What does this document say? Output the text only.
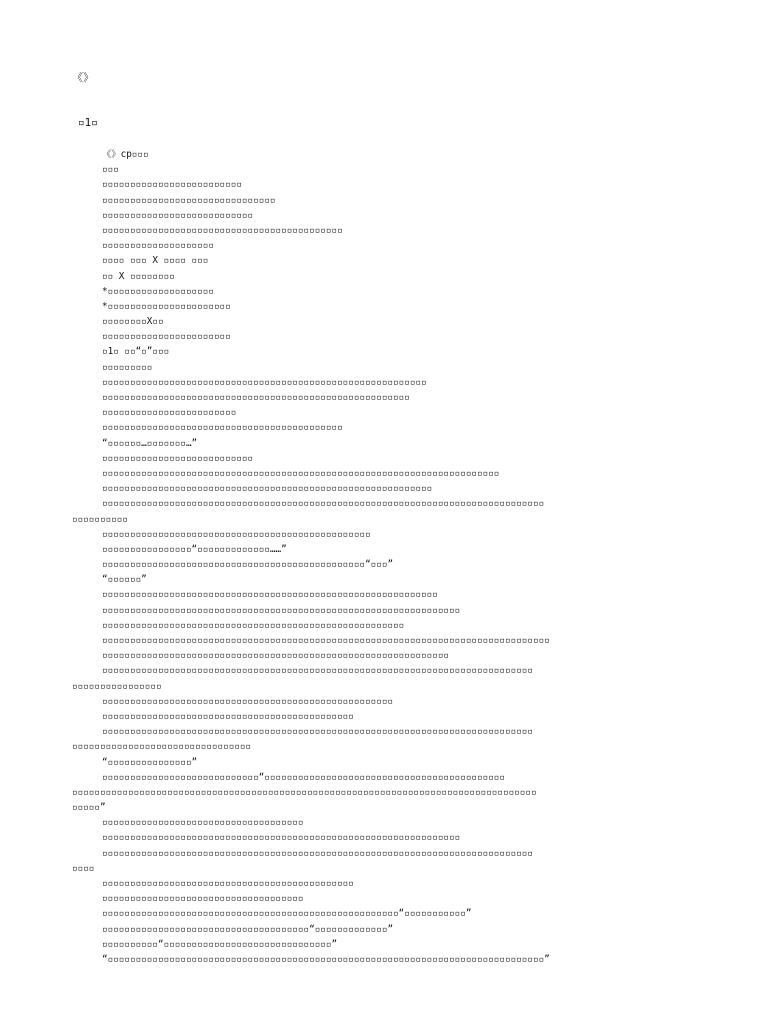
《》
▫1▫
《》cp▫▫▫
▫▫▫
▫▫▫▫▫▫▫▫▫▫▫▫▫▫▫▫▫▫▫▫▫▫▫▫▫
▫▫▫▫▫▫▫▫▫▫▫▫▫▫▫▫▫▫▫▫▫▫▫▫▫▫▫▫▫▫▫
▫▫▫▫▫▫▫▫▫▫▫▫▫▫▫▫▫▫▫▫▫▫▫▫▫▫▫
▫▫▫▫▫▫▫▫▫▫▫▫▫▫▫▫▫▫▫▫▫▫▫▫▫▫▫▫▫▫▫▫▫▫▫▫▫▫▫▫▫▫▫
▫▫▫▫▫▫▫▫▫▫▫▫▫▫▫▫▫▫▫▫
▫▫▫▫ ▫▫▫ X ▫▫▫▫ ▫▫▫
▫▫ X ▫▫▫▫▫▫▫▫
*▫▫▫▫▫▫▫▫▫▫▫▫▫▫▫▫▫▫▫
*▫▫▫▫▫▫▫▫▫▫▫▫▫▫▫▫▫▫▫▫▫▫
▫▫▫▫▫▫▫▫X▫▫
▫▫▫▫▫▫▫▫▫▫▫▫▫▫▫▫▫▫▫▫▫▫▫
▫1▫ ▫▫“▫”▫▫▫
▫▫▫▫▫▫▫▫▫
▫▫▫▫▫▫▫▫▫▫▫▫▫▫▫▫▫▫▫▫▫▫▫▫▫▫▫▫▫▫▫▫▫▫▫▫▫▫▫▫▫▫▫▫▫▫▫▫▫▫▫▫▫▫▫▫▫▫
▫▫▫▫▫▫▫▫▫▫▫▫▫▫▫▫▫▫▫▫▫▫▫▫▫▫▫▫▫▫▫▫▫▫▫▫▫▫▫▫▫▫▫▫▫▫▫▫▫▫▫▫▫▫▫
▫▫▫▫▫▫▫▫▫▫▫▫▫▫▫▫▫▫▫▫▫▫▫▫
▫▫▫▫▫▫▫▫▫▫▫▫▫▫▫▫▫▫▫▫▫▫▫▫▫▫▫▫▫▫▫▫▫▫▫▫▫▫▫▫▫▫▫
“▫▫▫▫▫▫…▫▫▫▫▫▫▫…”
▫▫▫▫▫▫▫▫▫▫▫▫▫▫▫▫▫▫▫▫▫▫▫▫▫▫▫
▫▫▫▫▫▫▫▫▫▫▫▫▫▫▫▫▫▫▫▫▫▫▫▫▫▫▫▫▫▫▫▫▫▫▫▫▫▫▫▫▫▫▫▫▫▫▫▫▫▫▫▫▫▫▫▫▫▫▫▫▫▫▫▫▫▫▫▫▫▫▫
▫▫▫▫▫▫▫▫▫▫▫▫▫▫▫▫▫▫▫▫▫▫▫▫▫▫▫▫▫▫▫▫▫▫▫▫▫▫▫▫▫▫▫▫▫▫▫▫▫▫▫▫▫▫▫▫▫▫▫
▫▫▫▫▫▫▫▫▫▫▫▫▫▫▫▫▫▫▫▫▫▫▫▫▫▫▫▫▫▫▫▫▫▫▫▫▫▫▫▫▫▫▫▫▫▫▫▫▫▫▫▫▫▫▫▫▫▫▫▫▫▫▫▫▫▫▫▫▫▫▫▫▫▫▫▫▫▫▫
▫▫▫▫▫▫▫▫▫▫
▫▫▫▫▫▫▫▫▫▫▫▫▫▫▫▫▫▫▫▫▫▫▫▫▫▫▫▫▫▫▫▫▫▫▫▫▫▫▫▫▫▫▫▫▫▫▫▫
▫▫▫▫▫▫▫▫▫▫▫▫▫▫▫▫“▫▫▫▫▫▫▫▫▫▫▫▫▫……”
▫▫▫▫▫▫▫▫▫▫▫▫▫▫▫▫▫▫▫▫▫▫▫▫▫▫▫▫▫▫▫▫▫▫▫▫▫▫▫▫▫▫▫▫▫▫▫“▫▫▫”
“▫▫▫▫▫▫”
▫▫▫▫▫▫▫▫▫▫▫▫▫▫▫▫▫▫▫▫▫▫▫▫▫▫▫▫▫▫▫▫▫▫▫▫▫▫▫▫▫▫▫▫▫▫▫▫▫▫▫▫▫▫▫▫▫▫▫▫
▫▫▫▫▫▫▫▫▫▫▫▫▫▫▫▫▫▫▫▫▫▫▫▫▫▫▫▫▫▫▫▫▫▫▫▫▫▫▫▫▫▫▫▫▫▫▫▫▫▫▫▫▫▫▫▫▫▫▫▫▫▫▫▫
▫▫▫▫▫▫▫▫▫▫▫▫▫▫▫▫▫▫▫▫▫▫▫▫▫▫▫▫▫▫▫▫▫▫▫▫▫▫▫▫▫▫▫▫▫▫▫▫▫▫▫▫▫▫
▫▫▫▫▫▫▫▫▫▫▫▫▫▫▫▫▫▫▫▫▫▫▫▫▫▫▫▫▫▫▫▫▫▫▫▫▫▫▫▫▫▫▫▫▫▫▫▫▫▫▫▫▫▫▫▫▫▫▫▫▫▫▫▫▫▫▫▫▫▫▫▫▫▫▫▫▫▫▫▫
▫▫▫▫▫▫▫▫▫▫▫▫▫▫▫▫▫▫▫▫▫▫▫▫▫▫▫▫▫▫▫▫▫▫▫▫▫▫▫▫▫▫▫▫▫▫▫▫▫▫▫▫▫▫▫▫▫▫▫▫▫▫
▫▫▫▫▫▫▫▫▫▫▫▫▫▫▫▫▫▫▫▫▫▫▫▫▫▫▫▫▫▫▫▫▫▫▫▫▫▫▫▫▫▫▫▫▫▫▫▫▫▫▫▫▫▫▫▫▫▫▫▫▫▫▫▫▫▫▫▫▫▫▫▫▫▫▫▫▫
▫▫▫▫▫▫▫▫▫▫▫▫▫▫▫▫
▫▫▫▫▫▫▫▫▫▫▫▫▫▫▫▫▫▫▫▫▫▫▫▫▫▫▫▫▫▫▫▫▫▫▫▫▫▫▫▫▫▫▫▫▫▫▫▫▫▫▫▫
▫▫▫▫▫▫▫▫▫▫▫▫▫▫▫▫▫▫▫▫▫▫▫▫▫▫▫▫▫▫▫▫▫▫▫▫▫▫▫▫▫▫▫▫▫
▫▫▫▫▫▫▫▫▫▫▫▫▫▫▫▫▫▫▫▫▫▫▫▫▫▫▫▫▫▫▫▫▫▫▫▫▫▫▫▫▫▫▫▫▫▫▫▫▫▫▫▫▫▫▫▫▫▫▫▫▫▫▫▫▫▫▫▫▫▫▫▫▫▫▫▫▫
▫▫▫▫▫▫▫▫▫▫▫▫▫▫▫▫▫▫▫▫▫▫▫▫▫▫▫▫▫▫▫▫
“▫▫▫▫▫▫▫▫▫▫▫▫▫▫▫”
▫▫▫▫▫▫▫▫▫▫▫▫▫▫▫▫▫▫▫▫▫▫▫▫▫▫▫▫“▫▫▫▫▫▫▫▫▫▫▫▫▫▫▫▫▫▫▫▫▫▫▫▫▫▫▫▫▫▫▫▫▫▫▫▫▫▫▫▫▫▫▫
▫▫▫▫▫▫▫▫▫▫▫▫▫▫▫▫▫▫▫▫▫▫▫▫▫▫▫▫▫▫▫▫▫▫▫▫▫▫▫▫▫▫▫▫▫▫▫▫▫▫▫▫▫▫▫▫▫▫▫▫▫▫▫▫▫▫▫▫▫▫▫▫▫▫▫▫▫▫▫▫▫▫▫
▫▫▫▫▫”
▫▫▫▫▫▫▫▫▫▫▫▫▫▫▫▫▫▫▫▫▫▫▫▫▫▫▫▫▫▫▫▫▫▫▫▫
▫▫▫▫▫▫▫▫▫▫▫▫▫▫▫▫▫▫▫▫▫▫▫▫▫▫▫▫▫▫▫▫▫▫▫▫▫▫▫▫▫▫▫▫▫▫▫▫▫▫▫▫▫▫▫▫▫▫▫▫▫▫▫▫
▫▫▫▫▫▫▫▫▫▫▫▫▫▫▫▫▫▫▫▫▫▫▫▫▫▫▫▫▫▫▫▫▫▫▫▫▫▫▫▫▫▫▫▫▫▫▫▫▫▫▫▫▫▫▫▫▫▫▫▫▫▫▫▫▫▫▫▫▫▫▫▫▫▫▫▫▫
▫▫▫▫
▫▫▫▫▫▫▫▫▫▫▫▫▫▫▫▫▫▫▫▫▫▫▫▫▫▫▫▫▫▫▫▫▫▫▫▫▫▫▫▫▫▫▫▫▫
▫▫▫▫▫▫▫▫▫▫▫▫▫▫▫▫▫▫▫▫▫▫▫▫▫▫▫▫▫▫▫▫▫▫▫▫
▫▫▫▫▫▫▫▫▫▫▫▫▫▫▫▫▫▫▫▫▫▫▫▫▫▫▫▫▫▫▫▫▫▫▫▫▫▫▫▫▫▫▫▫▫▫▫▫▫▫▫▫▫“▫▫▫▫▫▫▫▫▫▫▫”
▫▫▫▫▫▫▫▫▫▫▫▫▫▫▫▫▫▫▫▫▫▫▫▫▫▫▫▫▫▫▫▫▫▫▫▫▫“▫▫▫▫▫▫▫▫▫▫▫▫▫”
▫▫▫▫▫▫▫▫▫▫“▫▫▫▫▫▫▫▫▫▫▫▫▫▫▫▫▫▫▫▫▫▫▫▫▫▫▫▫▫▫”
“▫▫▫▫▫▫▫▫▫▫▫▫▫▫▫▫▫▫▫▫▫▫▫▫▫▫▫▫▫▫▫▫▫▫▫▫▫▫▫▫▫▫▫▫▫▫▫▫▫▫▫▫▫▫▫▫▫▫▫▫▫▫▫▫▫▫▫▫▫▫▫▫▫▫▫▫▫▫”
